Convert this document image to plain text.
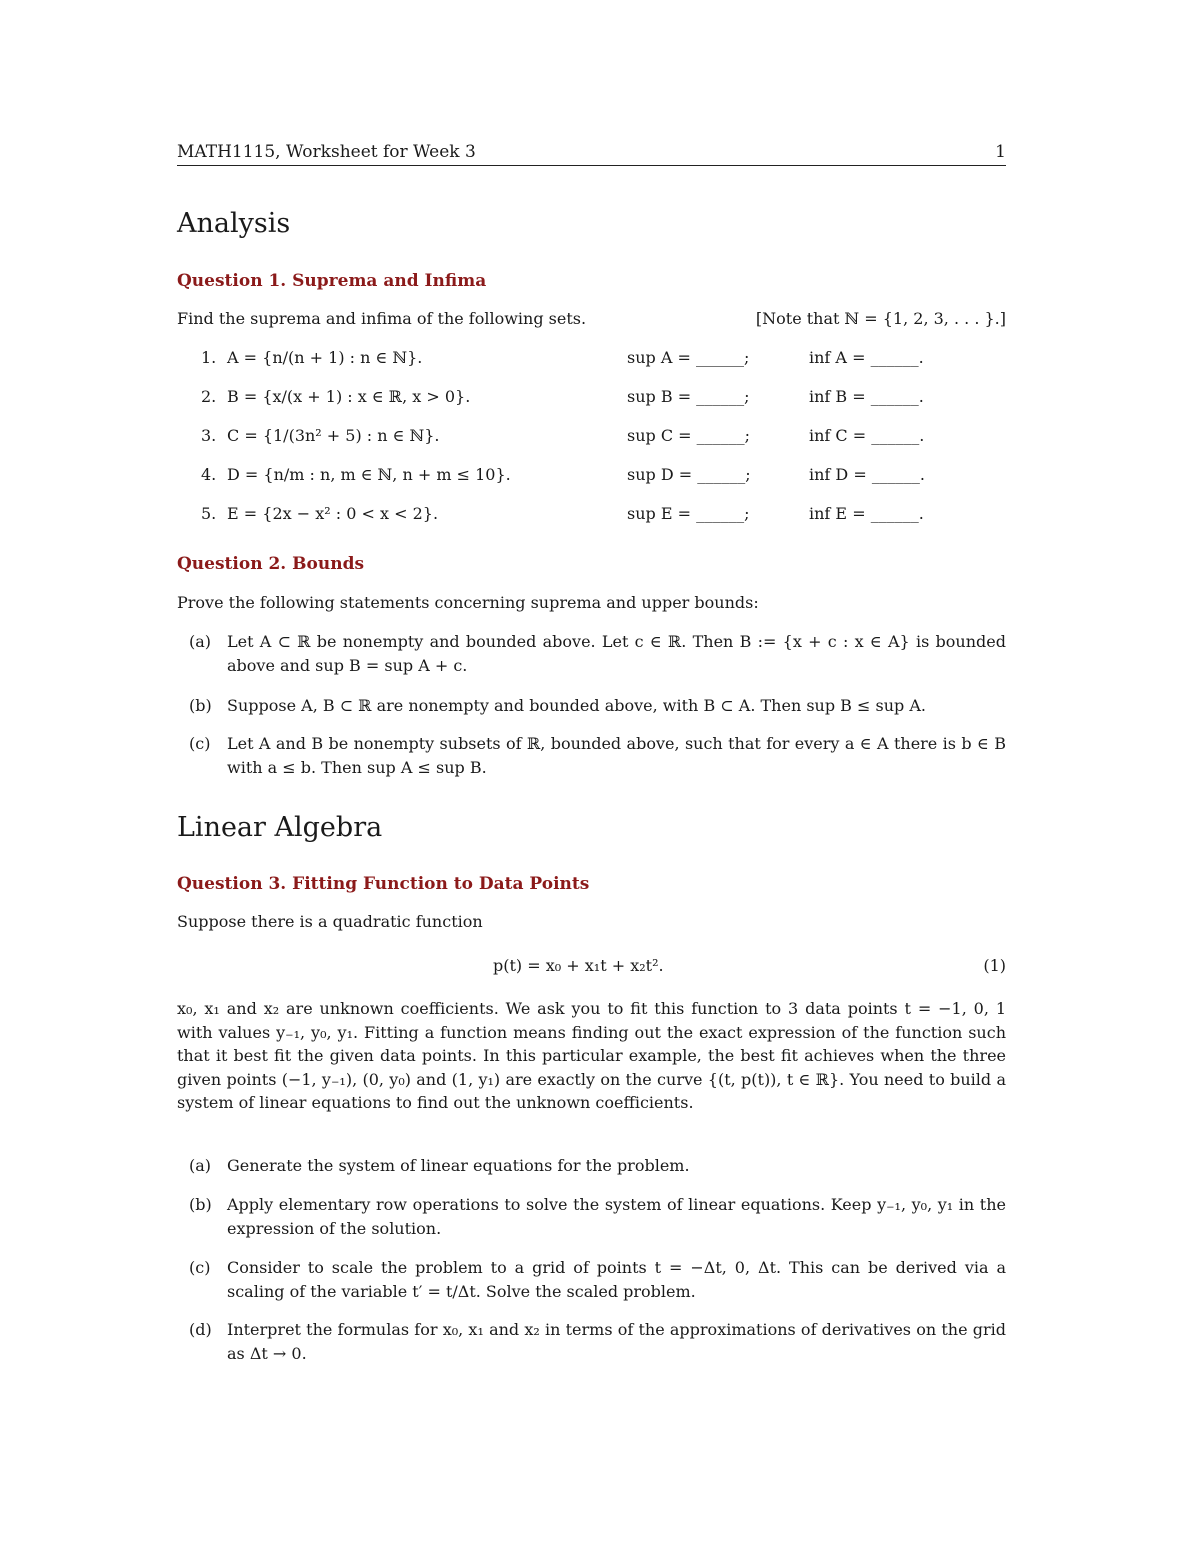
MATH1115, Worksheet for Week 3	1
Analysis
Question 1. Suprema and Infima
Find the suprema and infima of the following sets.	[Note that ℕ = {1, 2, 3, . . . }.]
1. A = {n/(n + 1) : n ∈ ℕ}.	sup A = ______;	inf A = ______.
2. B = {x/(x + 1) : x ∈ ℝ, x > 0}.	sup B = ______;	inf B = ______.
3. C = {1/(3n² + 5) : n ∈ ℕ}.	sup C = ______;	inf C = ______.
4. D = {n/m : n, m ∈ ℕ, n + m ≤ 10}.	sup D = ______;	inf D = ______.
5. E = {2x − x² : 0 < x < 2}.	sup E = ______;	inf E = ______.
Question 2. Bounds
Prove the following statements concerning suprema and upper bounds:
(a) Let A ⊂ ℝ be nonempty and bounded above. Let c ∈ ℝ. Then B := {x + c : x ∈ A} is bounded above and sup B = sup A + c.
(b) Suppose A, B ⊂ ℝ are nonempty and bounded above, with B ⊂ A. Then sup B ≤ sup A.
(c) Let A and B be nonempty subsets of ℝ, bounded above, such that for every a ∈ A there is b ∈ B with a ≤ b. Then sup A ≤ sup B.
Linear Algebra
Question 3. Fitting Function to Data Points
Suppose there is a quadratic function
p(t) = x₀ + x₁t + x₂t².	(1)
x₀, x₁ and x₂ are unknown coefficients. We ask you to fit this function to 3 data points t = −1, 0, 1 with values y₋₁, y₀, y₁. Fitting a function means finding out the exact expression of the function such that it best fit the given data points. In this particular example, the best fit achieves when the three given points (−1, y₋₁), (0, y₀) and (1, y₁) are exactly on the curve {(t, p(t)), t ∈ ℝ}. You need to build a system of linear equations to find out the unknown coefficients.
(a) Generate the system of linear equations for the problem.
(b) Apply elementary row operations to solve the system of linear equations. Keep y₋₁, y₀, y₁ in the expression of the solution.
(c) Consider to scale the problem to a grid of points t = −Δt, 0, Δt. This can be derived via a scaling of the variable t′ = t/Δt. Solve the scaled problem.
(d) Interpret the formulas for x₀, x₁ and x₂ in terms of the approximations of derivatives on the grid as Δt → 0.
